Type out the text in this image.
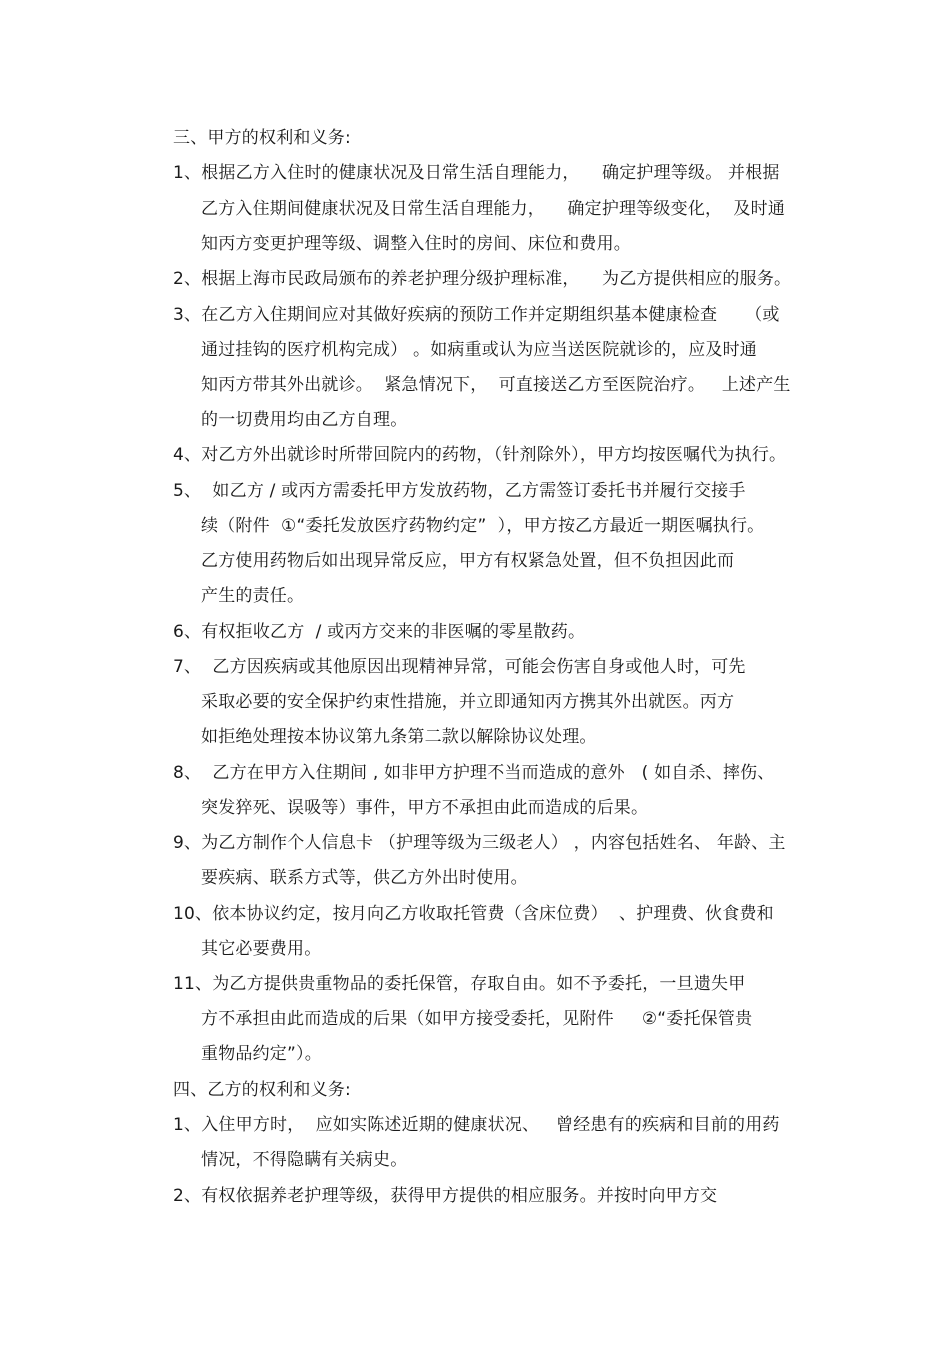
三、甲方的权利和义务:
1、根据乙方入住时的健康状况及日常生活自理能力，    确定护理等级。 并根据
乙方入住期间健康状况及日常生活自理能力，    确定护理等级变化，  及时通
知丙方变更护理等级、调整入住时的房间、床位和费用。
2、根据上海市民政局颁布的养老护理分级护理标准，    为乙方提供相应的服务。
3、在乙方入住期间应对其做好疾病的预防工作并定期组织基本健康检查     （或
通过挂钩的医疗机构完成） 。如病重或认为应当送医院就诊的，应及时通
知丙方带其外出就诊。  紧急情况下，  可直接送乙方至医院治疗。   上述产生
的一切费用均由乙方自理。
4、对乙方外出就诊时所带回院内的药物，（针剂除外），甲方均按医嘱代为执行。
5、  如乙方 / 或丙方需委托甲方发放药物，乙方需签订委托书并履行交接手
续（附件  ①“委托发放医疗药物约定”  ），甲方按乙方最近一期医嘱执行。
乙方使用药物后如出现异常反应，甲方有权紧急处置，但不负担因此而
产生的责任。
6、有权拒收乙方  / 或丙方交来的非医嘱的零星散药。
7、  乙方因疾病或其他原因出现精神异常，可能会伤害自身或他人时，可先
采取必要的安全保护约束性措施，并立即通知丙方携其外出就医。丙方
如拒绝处理按本协议第九条第二款以解除协议处理。
8、  乙方在甲方入住期间 , 如非甲方护理不当而造成的意外   ( 如自杀、摔伤、
突发猝死、误吸等）事件，甲方不承担由此而造成的后果。
9、为乙方制作个人信息卡 （护理等级为三级老人） ，内容包括姓名、 年龄、主
要疾病、联系方式等，供乙方外出时使用。
10、依本协议约定，按月向乙方收取托管费（含床位费）  、护理费、伙食费和
其它必要费用。
11、为乙方提供贵重物品的委托保管，存取自由。如不予委托，一旦遗失甲
方不承担由此而造成的后果（如甲方接受委托，见附件     ②“委托保管贵
重物品约定”）。
四、乙方的权利和义务:
1、入住甲方时，  应如实陈述近期的健康状况、   曾经患有的疾病和目前的用药
情况，不得隐瞒有关病史。
2、有权依据养老护理等级，获得甲方提供的相应服务。并按时向甲方交
